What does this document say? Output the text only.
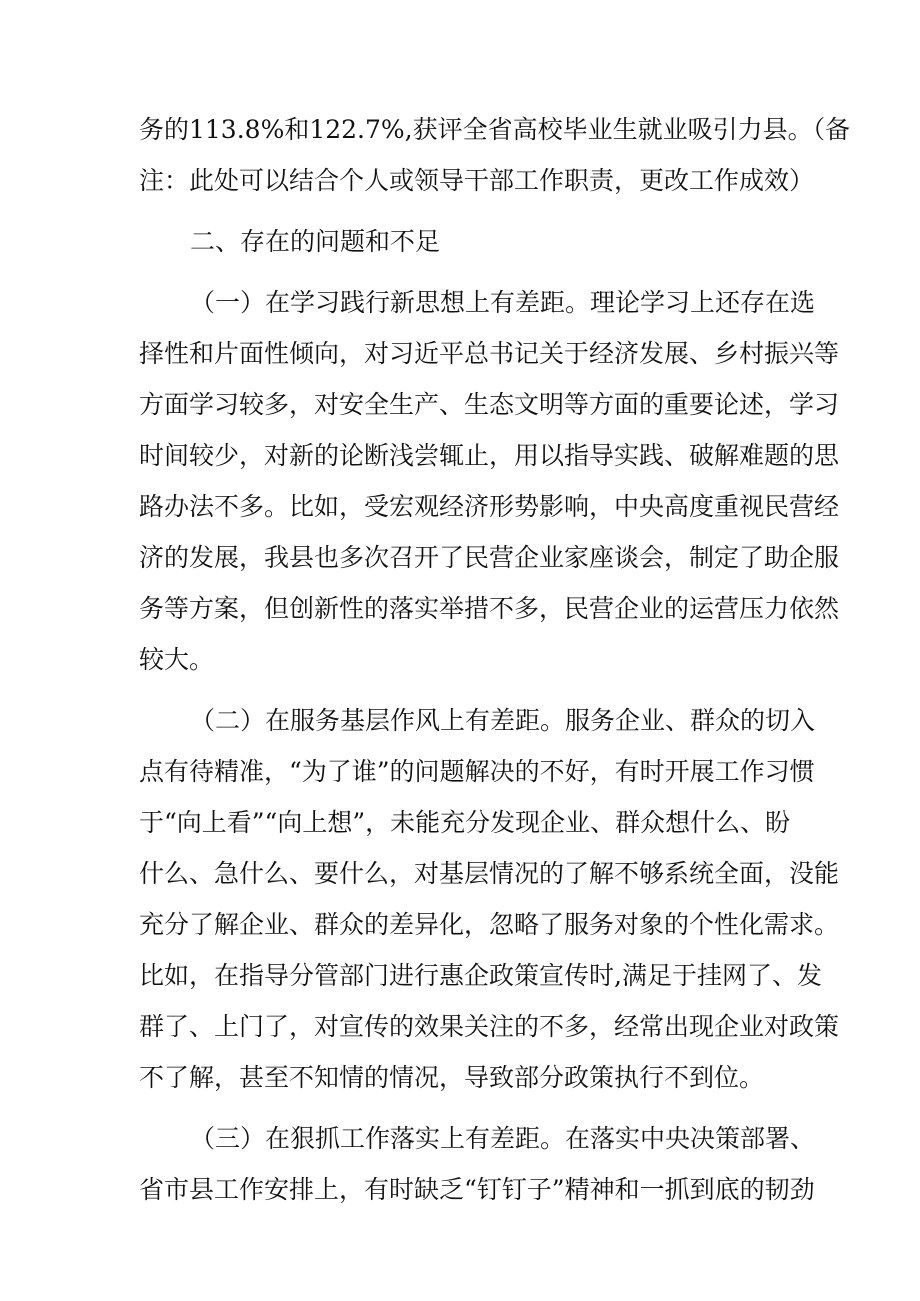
务的113.8%和122.7%,获评全省高校毕业生就业吸引力县。（备
注：此处可以结合个人或领导干部工作职责，更改工作成效）
二、存在的问题和不足
（一）在学习践行新思想上有差距。理论学习上还存在选
择性和片面性倾向，对习近平总书记关于经济发展、乡村振兴等
方面学习较多，对安全生产、生态文明等方面的重要论述，学习
时间较少，对新的论断浅尝辄止，用以指导实践、破解难题的思
路办法不多。比如，受宏观经济形势影响，中央高度重视民营经
济的发展，我县也多次召开了民营企业家座谈会，制定了助企服
务等方案，但创新性的落实举措不多，民营企业的运营压力依然
较大。
（二）在服务基层作风上有差距。服务企业、群众的切入
点有待精准，“为了谁”的问题解决的不好，有时开展工作习惯
于“向上看”“向上想”，未能充分发现企业、群众想什么、盼
什么、急什么、要什么，对基层情况的了解不够系统全面，没能
充分了解企业、群众的差异化，忽略了服务对象的个性化需求。
比如，在指导分管部门进行惠企政策宣传时,满足于挂网了、发
群了、上门了，对宣传的效果关注的不多，经常出现企业对政策
不了解，甚至不知情的情况，导致部分政策执行不到位。
（三）在狠抓工作落实上有差距。在落实中央决策部署、
省市县工作安排上，有时缺乏“钉钉子”精神和一抓到底的韧劲
